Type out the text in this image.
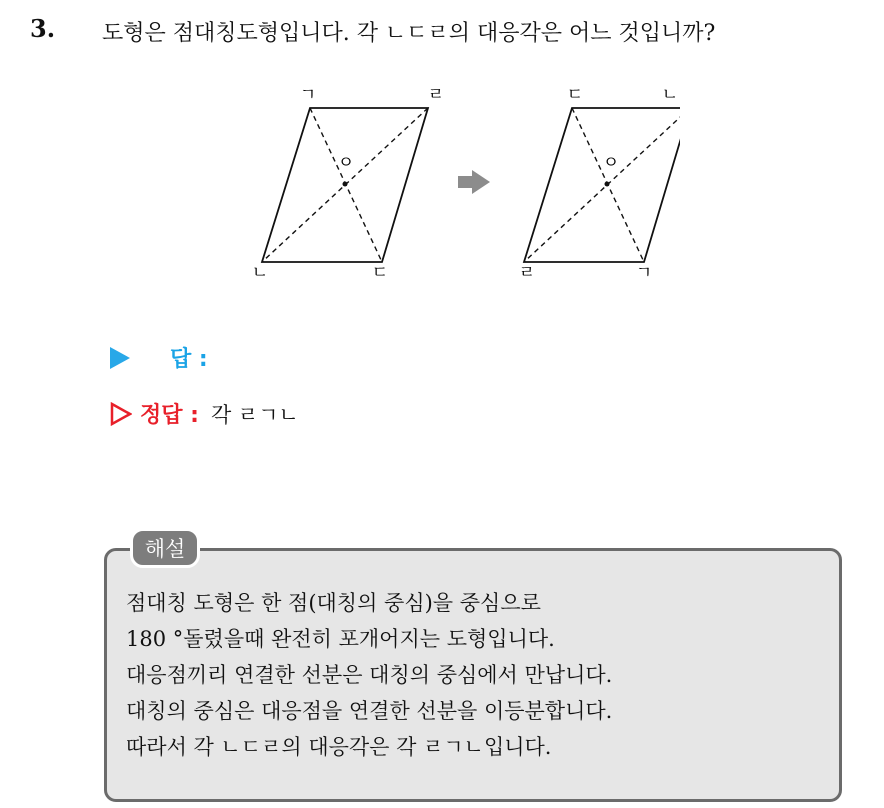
3. 도형은 점대칭도형입니다. 각 ㄴㄷㄹ의 대응각은 어느 것입니까?
ㄱ	ㄹ
ㄴ	ㄷ
ㅇ
ㄷ	ㄴ
ㄹ	ㄱ
ㅇ
답 :
정답 : 각 ㄹㄱㄴ
해설
점대칭 도형은 한 점(대칭의 중심)을 중심으로
180 °돌렸을때 완전히 포개어지는 도형입니다.
대응점끼리 연결한 선분은 대칭의 중심에서 만납니다.
대칭의 중심은 대응점을 연결한 선분을 이등분합니다.
따라서 각 ㄴㄷㄹ의 대응각은 각 ㄹㄱㄴ입니다.
